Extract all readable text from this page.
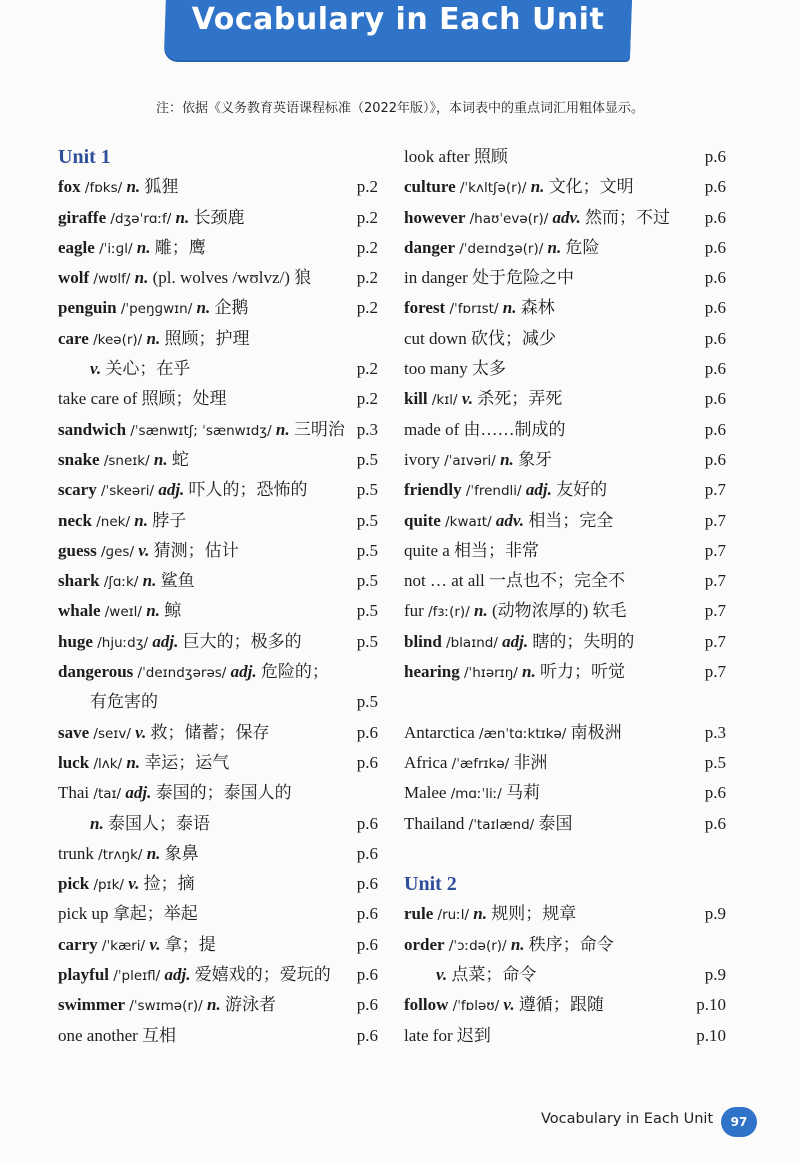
Vocabulary in Each Unit
注：依据《义务教育英语课程标准（2022年版）》，本词表中的重点词汇用粗体显示。
Unit 1
fox /fɒks/ n. 狐狸	p.2
giraffe /dʒəˈrɑːf/ n. 长颈鹿	p.2
eagle /ˈiːɡl/ n. 雕；鹰	p.2
wolf /wʊlf/ n. (pl. wolves /wʊlvz/) 狼	p.2
penguin /ˈpeŋɡwɪn/ n. 企鹅	p.2
care /keə(r)/ n. 照顾；护理
v. 关心；在乎	p.2
take care of 照顾；处理	p.2
sandwich /ˈsænwɪtʃ; ˈsænwɪdʒ/ n. 三明治 p.3
snake /sneɪk/ n. 蛇	p.5
scary /ˈskeəri/ adj. 吓人的；恐怖的	p.5
neck /nek/ n. 脖子	p.5
guess /ɡes/ v. 猜测；估计	p.5
shark /ʃɑːk/ n. 鲨鱼	p.5
whale /weɪl/ n. 鲸	p.5
huge /hjuːdʒ/ adj. 巨大的；极多的	p.5
dangerous /ˈdeɪndʒərəs/ adj. 危险的；
有危害的	p.5
save /seɪv/ v. 救；储蓄；保存	p.6
luck /lʌk/ n. 幸运；运气	p.6
Thai /taɪ/ adj. 泰国的；泰国人的
n. 泰国人；泰语	p.6
trunk /trʌŋk/ n. 象鼻	p.6
pick /pɪk/ v. 捡；摘	p.6
pick up 拿起；举起	p.6
carry /ˈkæri/ v. 拿；提	p.6
playful /ˈpleɪfl/ adj. 爱嬉戏的；爱玩的 p.6
swimmer /ˈswɪmə(r)/ n. 游泳者	p.6
one another 互相	p.6
look after 照顾	p.6
culture /ˈkʌltʃə(r)/ n. 文化；文明	p.6
however /haʊˈevə(r)/ adv. 然而；不过 p.6
danger /ˈdeɪndʒə(r)/ n. 危险	p.6
in danger 处于危险之中	p.6
forest /ˈfɒrɪst/ n. 森林	p.6
cut down 砍伐；减少	p.6
too many 太多	p.6
kill /kɪl/ v. 杀死；弄死	p.6
made of 由……制成的	p.6
ivory /ˈaɪvəri/ n. 象牙	p.6
friendly /ˈfrendli/ adj. 友好的	p.7
quite /kwaɪt/ adv. 相当；完全	p.7
quite a 相当；非常	p.7
not … at all 一点也不；完全不	p.7
fur /fɜː(r)/ n. (动物浓厚的) 软毛	p.7
blind /blaɪnd/ adj. 瞎的；失明的	p.7
hearing /ˈhɪərɪŋ/ n. 听力；听觉	p.7
Antarctica /ænˈtɑːktɪkə/ 南极洲	p.3
Africa /ˈæfrɪkə/ 非洲	p.5
Malee /mɑːˈliː/ 马莉	p.6
Thailand /ˈtaɪlænd/ 泰国	p.6
Unit 2
rule /ruːl/ n. 规则；规章	p.9
order /ˈɔːdə(r)/ n. 秩序；命令
v. 点菜；命令	p.9
follow /ˈfɒləʊ/ v. 遵循；跟随	p.10
late for 迟到	p.10
Vocabulary in Each Unit	97
